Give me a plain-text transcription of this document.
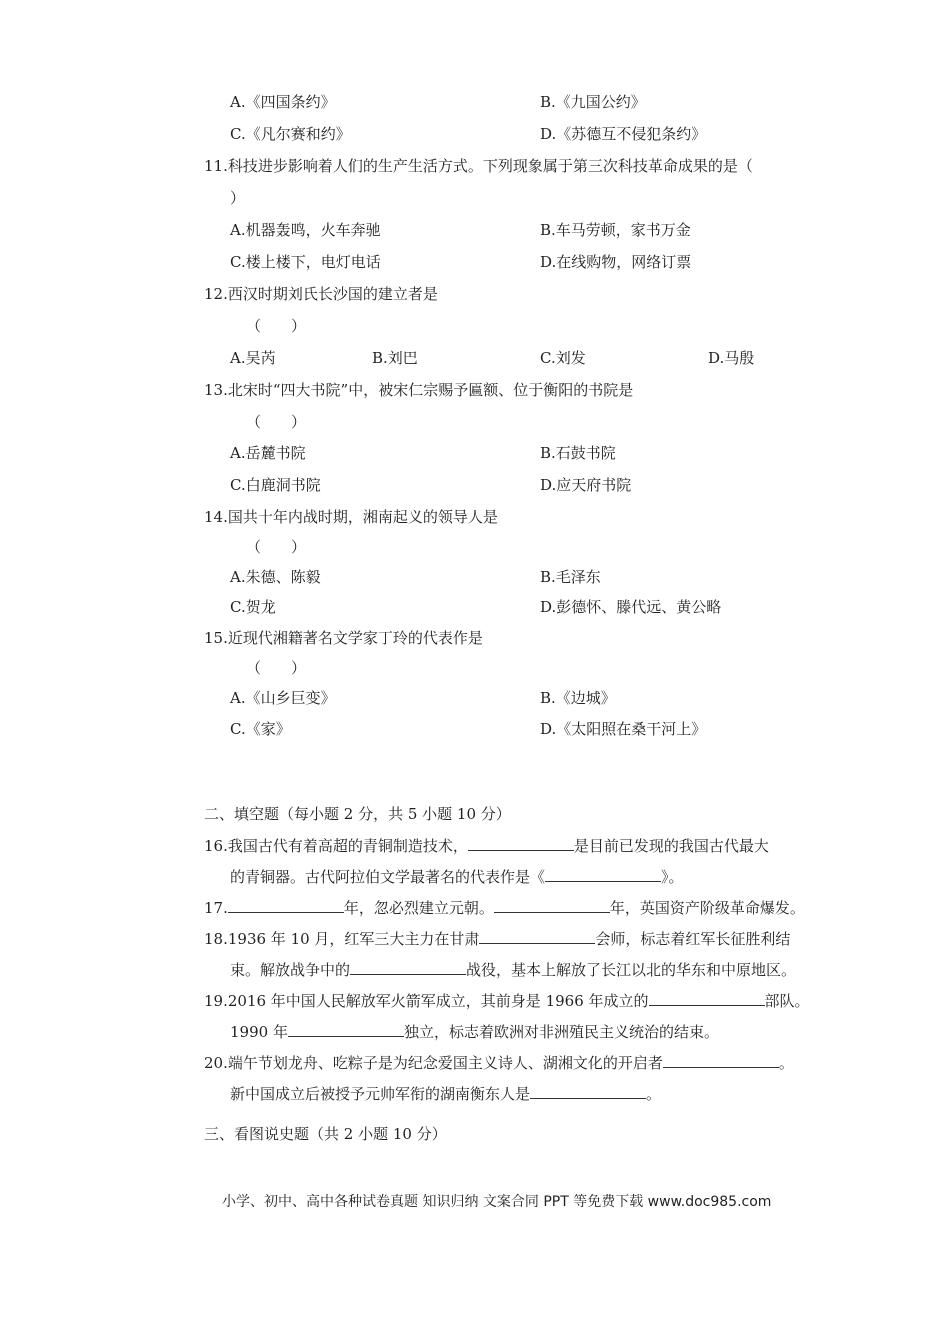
A.《四国条约》	B.《九国公约》
C.《凡尔赛和约》	D.《苏德互不侵犯条约》
11.科技进步影响着人们的生产生活方式。下列现象属于第三次科技革命成果的是（
）
A.机器轰鸣，火车奔驰	B.车马劳顿，家书万金
C.楼上楼下，电灯电话	D.在线购物，网络订票
12.西汉时期刘氏长沙国的建立者是
（　　）
A.吴芮	B.刘巴	C.刘发	D.马殷
13.北宋时“四大书院”中，被宋仁宗赐予匾额、位于衡阳的书院是
（　　）
A.岳麓书院	B.石鼓书院
C.白鹿洞书院	D.应天府书院
14.国共十年内战时期，湘南起义的领导人是
（　　）
A.朱德、陈毅	B.毛泽东
C.贺龙	D.彭德怀、滕代远、黄公略
15.近现代湘籍著名文学家丁玲的代表作是
（　　）
A.《山乡巨变》	B.《边城》
C.《家》	D.《太阳照在桑干河上》
二、填空题（每小题 2 分，共 5 小题 10 分）
16.我国古代有着高超的青铜制造技术，	是目前已发现的我国古代最大
的青铜器。古代阿拉伯文学最著名的代表作是《	》。
17.	年，忽必烈建立元朝。	年，英国资产阶级革命爆发。
18.1936 年 10 月，红军三大主力在甘肃	会师，标志着红军长征胜利结
束。解放战争中的	战役，基本上解放了长江以北的华东和中原地区。
19.2016 年中国人民解放军火箭军成立，其前身是 1966 年成立的	部队。
1990 年	独立，标志着欧洲对非洲殖民主义统治的结束。
20.端午节划龙舟、吃粽子是为纪念爱国主义诗人、湖湘文化的开启者	。
新中国成立后被授予元帅军衔的湖南衡东人是	。
三、看图说史题（共 2 小题 10 分）
小学、初中、高中各种试卷真题 知识归纳 文案合同 PPT 等免费下载 www.doc985.com
